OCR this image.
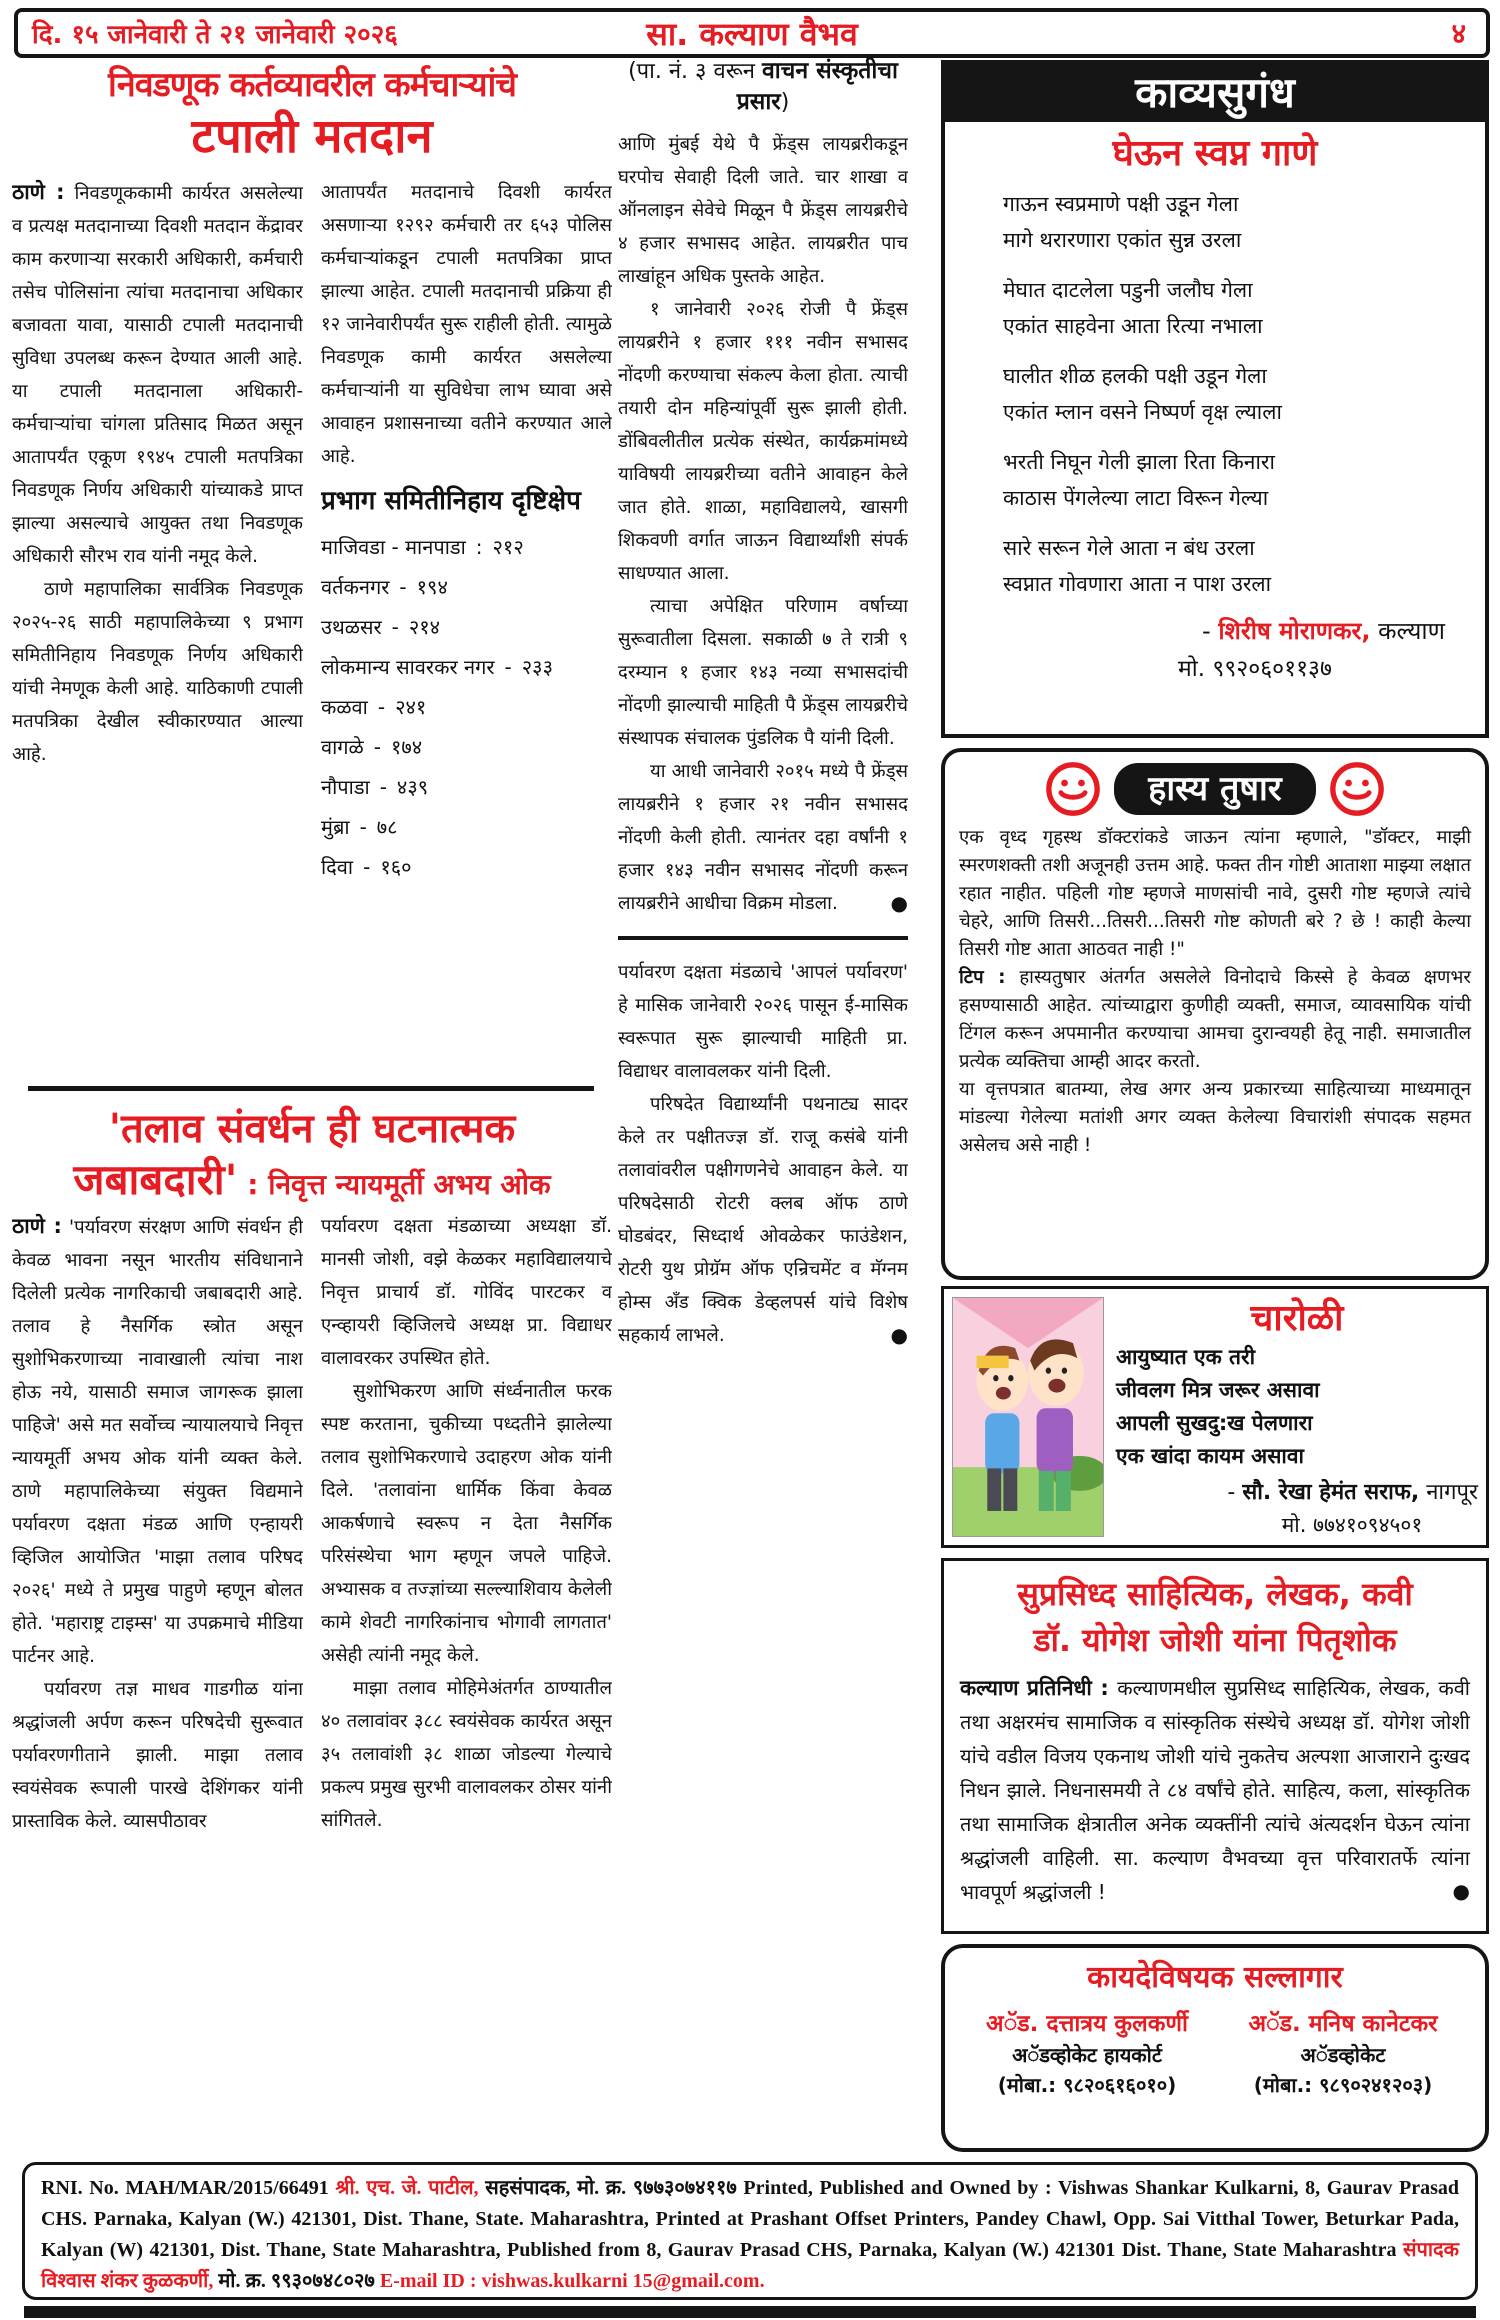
दि. १५ जानेवारी ते २१ जानेवारी २०२६	सा. कल्याण वैभव	४
निवडणूक कर्तव्यावरील कर्मचाऱ्यांचे
टपाली मतदान

ठाणे : निवडणूककामी कार्यरत असलेल्या व प्रत्यक्ष मतदानाच्या दिवशी मतदान केंद्रावर काम करणाऱ्या सरकारी अधिकारी, कर्मचारी तसेच पोलिसांना त्यांचा मतदानाचा अधिकार बजावता यावा, यासाठी टपाली मतदानाची सुविधा उपलब्ध करून देण्यात आली आहे. या टपाली मतदानाला अधिकारी-कर्मचाऱ्यांचा चांगला प्रतिसाद मिळत असून आतापर्यंत एकूण १९४५ टपाली मतपत्रिका निवडणूक निर्णय अधिकारी यांच्याकडे प्राप्त झाल्या असल्याचे आयुक्त तथा निवडणूक अधिकारी सौरभ राव यांनी नमूद केले.

ठाणे महापालिका सार्वत्रिक निवडणूक २०२५-२६ साठी महापालिकेच्या ९ प्रभाग समितीनिहाय निवडणूक निर्णय अधिकारी यांची नेमणूक केली आहे. याठिकाणी टपाली मतपत्रिका देखील स्वीकारण्यात आल्या आहे.

आतापर्यंत मतदानाचे दिवशी कार्यरत असणाऱ्या १२९२ कर्मचारी तर ६५३ पोलिस कर्मचाऱ्यांकडून टपाली मतपत्रिका प्राप्त झाल्या आहेत. टपाली मतदानाची प्रक्रिया ही १२ जानेवारीपर्यंत सुरू राहीली होती. त्यामुळे निवडणूक कामी कार्यरत असलेल्या कर्मचाऱ्यांनी या सुविधेचा लाभ घ्यावा असे आवाहन प्रशासनाच्या वतीने करण्यात आले आहे.

प्रभाग समितीनिहाय दृष्टिक्षेप
माजिवडा - मानपाडा : २१२
वर्तकनगर - १९४
उथळसर - २१४
लोकमान्य सावरकर नगर - २३३
कळवा - २४१
वागळे - १७४
नौपाडा - ४३९
मुंब्रा - ७८
दिवा - १६०
'तलाव संवर्धन ही घटनात्मक
जबाबदारी' : निवृत्त न्यायमूर्ती अभय ओक

ठाणे : 'पर्यावरण संरक्षण आणि संवर्धन ही केवळ भावना नसून भारतीय संविधानाने दिलेली प्रत्येक नागरिकाची जबाबदारी आहे. तलाव हे नैसर्गिक स्त्रोत असून सुशोभिकरणाच्या नावाखाली त्यांचा नाश होऊ नये, यासाठी समाज जागरूक झाला पाहिजे' असे मत सर्वोच्च न्यायालयाचे निवृत्त न्यायमूर्ती अभय ओक यांनी व्यक्त केले. ठाणे महापालिकेच्या संयुक्त विद्यमाने पर्यावरण दक्षता मंडळ आणि एन्हायरी व्हिजिल आयोजित 'माझा तलाव परिषद २०२६' मध्ये ते प्रमुख पाहुणे म्हणून बोलत होते. 'महाराष्ट्र टाइम्स' या उपक्रमाचे मीडिया पार्टनर आहे.

पर्यावरण तज्ञ माधव गाडगीळ यांना श्रद्धांजली अर्पण करून परिषदेची सुरूवात पर्यावरणगीताने झाली. माझा तलाव स्वयंसेवक रूपाली पारखे देशिंगकर यांनी प्रास्ताविक केले. व्यासपीठावर

पर्यावरण दक्षता मंडळाच्या अध्यक्षा डॉ. मानसी जोशी, वझे केळकर महाविद्यालयाचे निवृत्त प्राचार्य डॉ. गोविंद पारटकर व एन्व्हायरी व्हिजिलचे अध्यक्ष प्रा. विद्याधर वालावरकर उपस्थित होते.

सुशोभिकरण आणि संर्ध्वनातील फरक स्पष्ट करताना, चुकीच्या पध्दतीने झालेल्या तलाव सुशोभिकरणाचे उदाहरण ओक यांनी दिले. 'तलावांना धार्मिक किंवा केवळ आकर्षणाचे स्वरूप न देता नैसर्गिक परिसंस्थेचा भाग म्हणून जपले पाहिजे. अभ्यासक व तज्ज्ञांच्या सल्ल्याशिवाय केलेली कामे शेवटी नागरिकांनाच भोगावी लागतात' असेही त्यांनी नमूद केले.

माझा तलाव मोहिमेअंतर्गत ठाण्यातील ४० तलावांवर ३८८ स्वयंसेवक कार्यरत असून ३५ तलावांशी ३८ शाळा जोडल्या गेल्याचे प्रकल्प प्रमुख सुरभी वालावलकर ठोसर यांनी सांगितले.

(पा. नं. ३ वरून वाचन संस्कृतीचा प्रसार)

आणि मुंबई येथे पै फ्रेंड्स लायब्ररीकडून घरपोच सेवाही दिली जाते. चार शाखा व ऑनलाइन सेवेचे मिळून पै फ्रेंड्स लायब्ररीचे ४ हजार सभासद आहेत. लायब्ररीत पाच लाखांहून अधिक पुस्तके आहेत.

१ जानेवारी २०२६ रोजी पै फ्रेंड्स लायब्ररीने १ हजार १११ नवीन सभासद नोंदणी करण्याचा संकल्प केला होता. त्याची तयारी दोन महिन्यांपूर्वी सुरू झाली होती. डोंबिवलीतील प्रत्येक संस्थेत, कार्यक्रमांमध्ये याविषयी लायब्ररीच्या वतीने आवाहन केले जात होते. शाळा, महाविद्यालये, खासगी शिकवणी वर्गात जाऊन विद्यार्थ्यांशी संपर्क साधण्यात आला.

त्याचा अपेक्षित परिणाम वर्षाच्या सुरूवातीला दिसला. सकाळी ७ ते रात्री ९ दरम्यान १ हजार १४३ नव्या सभासदांची नोंदणी झाल्याची माहिती पै फ्रेंड्स लायब्ररीचे संस्थापक संचालक पुंडलिक पै यांनी दिली.

या आधी जानेवारी २०१५ मध्ये पै फ्रेंड्स लायब्ररीने १ हजार २१ नवीन सभासद नोंदणी केली होती. त्यानंतर दहा वर्षांनी १ हजार १४३ नवीन सभासद नोंदणी करून लायब्ररीने आधीचा विक्रम मोडला.	●

पर्यावरण दक्षता मंडळाचे 'आपलं पर्यावरण' हे मासिक जानेवारी २०२६ पासून ई-मासिक स्वरूपात सुरू झाल्याची माहिती प्रा. विद्याधर वालावलकर यांनी दिली.

परिषदेत विद्यार्थ्यांनी पथनाट्य सादर केले तर पक्षीतज्ज्ञ डॉ. राजू कसंबे यांनी तलावांवरील पक्षीगणनेचे आवाहन केले. या परिषदेसाठी रोटरी क्लब ऑफ ठाणे घोडबंदर, सिध्दार्थ ओवळेकर फाउंडेशन, रोटरी युथ प्रोग्रॅम ऑफ एन्रिचमेंट व मॅग्नम होम्स अँड क्विक डेव्हलपर्स यांचे विशेष सहकार्य लाभले.	●

काव्यसुगंध
घेऊन स्वप्न गाणे
गाऊन स्वप्रमाणे पक्षी उडून गेला
मागे थरारणारा एकांत सुन्न उरला
मेघात दाटलेला पडुनी जलौघ गेला
एकांत साहवेना आता रित्या नभाला
घालीत शीळ हलकी पक्षी उडून गेला
एकांत म्लान वसने निष्पर्ण वृक्ष ल्याला
भरती निघून गेली झाला रिता किनारा
काठास पेंगलेल्या लाटा विरून गेल्या
सारे सरून गेले आता न बंध उरला
स्वप्नात गोवणारा आता न पाश उरला
- शिरीष मोराणकर, कल्याण
मो. ९९२०६०११३७
हास्य तुषार

एक वृध्द गृहस्थ डॉक्टरांकडे जाऊन त्यांना म्हणाले, "डॉक्टर, माझी स्मरणशक्ती तशी अजूनही उत्तम आहे. फक्त तीन गोष्टी आताशा माझ्या लक्षात रहात नाहीत. पहिली गोष्ट म्हणजे माणसांची नावे, दुसरी गोष्ट म्हणजे त्यांचे चेहरे, आणि तिसरी...तिसरी...तिसरी गोष्ट कोणती बरे ? छे ! काही केल्या तिसरी गोष्ट आता आठवत नाही !"

टिप : हास्यतुषार अंतर्गत असलेले विनोदाचे किस्से हे केवळ क्षणभर हसण्यासाठी आहेत. त्यांच्याद्वारा कुणीही व्यक्ती, समाज, व्यावसायिक यांची टिंगल करून अपमानीत करण्याचा आमचा दुरान्वयही हेतू नाही. समाजातील प्रत्येक व्यक्तिचा आम्ही आदर करतो.

या वृत्तपत्रात बातम्या, लेख अगर अन्य प्रकारच्या साहित्याच्या माध्यमातून मांडल्या गेलेल्या मतांशी अगर व्यक्त केलेल्या विचारांशी संपादक सहमत असेलच असे नाही !

चारोळी
आयुष्यात एक तरी
जीवलग मित्र जरूर असावा
आपली सुखदु:ख पेलणारा
एक खांदा कायम असावा
- सौ. रेखा हेमंत सराफ, नागपूर
मो. ७७४१०९४५०१
सुप्रसिध्द साहित्यिक, लेखक, कवी
डॉ. योगेश जोशी यांना पितृशोक
कल्याण प्रतिनिधी : कल्याणमधील सुप्रसिध्द साहित्यिक, लेखक, कवी तथा अक्षरमंच सामाजिक व सांस्कृतिक संस्थेचे अध्यक्ष डॉ. योगेश जोशी यांचे वडील विजय एकनाथ जोशी यांचे नुकतेच अल्पशा आजाराने दुःखद निधन झाले. निधनासमयी ते ८४ वर्षांचे होते. साहित्य, कला, सांस्कृतिक तथा सामाजिक क्षेत्रातील अनेक व्यक्तींनी त्यांचे अंत्यदर्शन घेऊन त्यांना श्रद्धांजली वाहिली. सा. कल्याण वैभवच्या वृत्त परिवारातर्फे त्यांना भावपूर्ण श्रद्धांजली !	●
कायदेविषयक सल्लागार
अॅड. दत्तात्रय कुलकर्णी
अॅडव्होकेट हायकोर्ट
(मोबा.: ९८२०६१६०१०)
अॅड. मनिष कानेटकर
अॅडव्होकेट
(मोबा.: ९८९०२४१२०३)
RNI. No. MAH/MAR/2015/66491 श्री. एच. जे. पाटील, सहसंपादक, मो. क्र. ९७७३०७४११७ Printed, Published and Owned by : Vishwas Shankar Kulkarni, 8, Gaurav Prasad CHS. Parnaka, Kalyan (W.) 421301, Dist. Thane, State. Maharashtra, Printed at Prashant Offset Printers, Pandey Chawl, Opp. Sai Vitthal Tower, Beturkar Pada, Kalyan (W) 421301, Dist. Thane, State Maharashtra, Published from 8, Gaurav Prasad CHS, Parnaka, Kalyan (W.) 421301 Dist. Thane, State Maharashtra संपादक विश्वास शंकर कुळकर्णी, मो. क्र. ९९३०७४८०२७ E-mail ID : vishwas.kulkarni 15@gmail.com.
